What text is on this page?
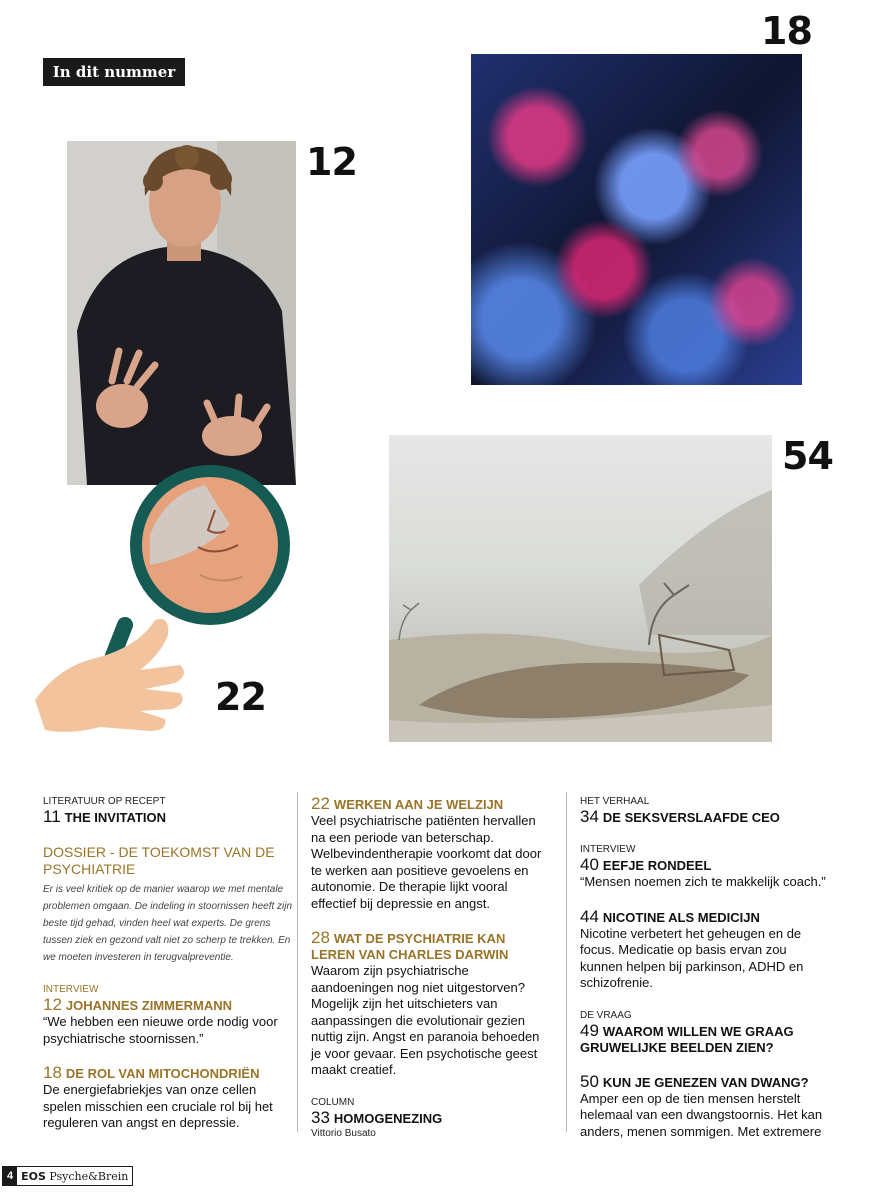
In dit nummer
18
12
54
22
LITERATUUR OP RECEPT
11 THE INVITATION
DOSSIER - DE TOEKOMST VAN DE PSYCHIATRIE
Er is veel kritiek op de manier waarop we met mentale problemen omgaan. De indeling in stoornissen heeft zijn beste tijd gehad, vinden heel wat experts. De grens tussen ziek en gezond valt niet zo scherp te trekken. En we moeten investeren in terugvalpreventie.
INTERVIEW
12 JOHANNES ZIMMERMANN
“We hebben een nieuwe orde nodig voor psychiatrische stoornissen.”
18 DE ROL VAN MITOCHONDRIËN
De energiefabriekjes van onze cellen spelen misschien een cruciale rol bij het reguleren van angst en depressie.
22 WERKEN AAN JE WELZIJN
Veel psychiatrische patiënten hervallen na een periode van beterschap. Welbevindentherapie voorkomt dat door te werken aan positieve gevoelens en autonomie. De therapie lijkt vooral effectief bij depressie en angst.
28 WAT DE PSYCHIATRIE KAN LEREN VAN CHARLES DARWIN
Waarom zijn psychiatrische aandoeningen nog niet uitgestorven? Mogelijk zijn het uitschieters van aanpassingen die evolutionair gezien nuttig zijn. Angst en paranoia behoeden je voor gevaar. Een psychotische geest maakt creatief.
COLUMN
33 HOMOGENEZING
Vittorio Busato
HET VERHAAL
34 DE SEKSVERSLAAFDE CEO
INTERVIEW
40 EEFJE RONDEEL
“Mensen noemen zich te makkelijk coach.”
44 NICOTINE ALS MEDICIJN
Nicotine verbetert het geheugen en de focus. Medicatie op basis ervan zou kunnen helpen bij parkinson, ADHD en schizofrenie.
DE VRAAG
49 WAAROM WILLEN WE GRAAG GRUWELIJKE BEELDEN ZIEN?
50 KUN JE GENEZEN VAN DWANG?
Amper een op de tien mensen herstelt helemaal van een dwangstoornis. Het kan anders, menen sommigen. Met extremere
4 EOS Psyche&Brein
